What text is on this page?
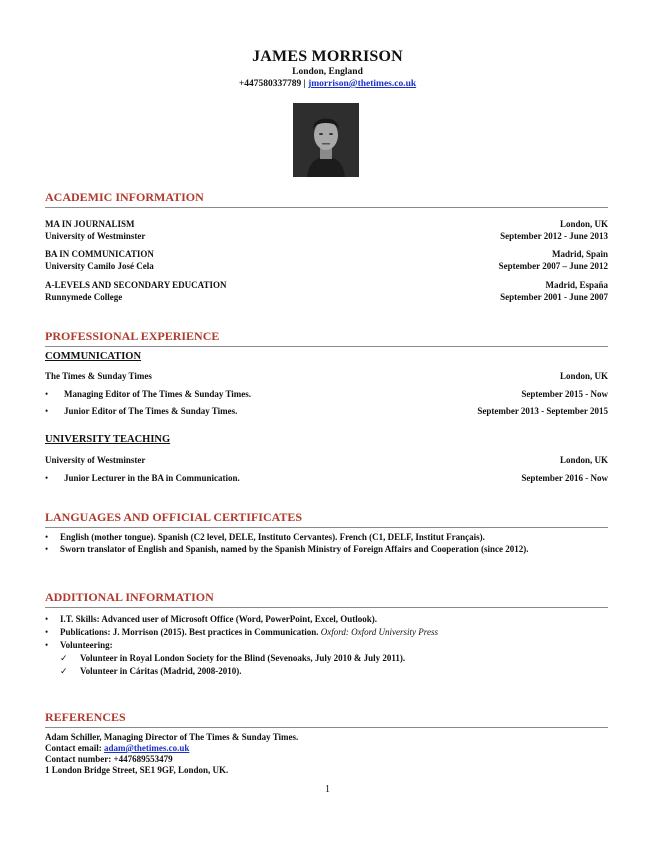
JAMES MORRISON
London, England
+447580337789 | jmorrison@thetimes.co.uk
ACADEMIC INFORMATION
MA IN JOURNALISM	London, UK
University of Westminster	September 2012 - June 2013
BA IN COMMUNICATION	Madrid, Spain
University Camilo José Cela	September 2007 – June 2012
A-LEVELS AND SECONDARY EDUCATION	Madrid, España
Runnymede College	September 2001 - June 2007
PROFESSIONAL EXPERIENCE
COMMUNICATION
The Times & Sunday Times	London, UK
• Managing Editor of The Times & Sunday Times.	September 2015 - Now
• Junior Editor of The Times & Sunday Times.	September 2013 - September 2015
UNIVERSITY TEACHING
University of Westminster	London, UK
• Junior Lecturer in the BA in Communication.	September 2016 - Now
LANGUAGES AND OFFICIAL CERTIFICATES
• English (mother tongue). Spanish (C2 level, DELE, Instituto Cervantes). French (C1, DELF, Institut Français).
• Sworn translator of English and Spanish, named by the Spanish Ministry of Foreign Affairs and Cooperation (since 2012).
ADDITIONAL INFORMATION
• I.T. Skills: Advanced user of Microsoft Office (Word, PowerPoint, Excel, Outlook).
• Publications: J. Morrison (2015). Best practices in Communication. Oxford: Oxford University Press
• Volunteering:
✓ Volunteer in Royal London Society for the Blind (Sevenoaks, July 2010 & July 2011).
✓ Volunteer in Cáritas (Madrid, 2008-2010).
REFERENCES
Adam Schiller, Managing Director of The Times & Sunday Times.
Contact email: adam@thetimes.co.uk
Contact number: +447689553479
1 London Bridge Street, SE1 9GF, London, UK.
1
